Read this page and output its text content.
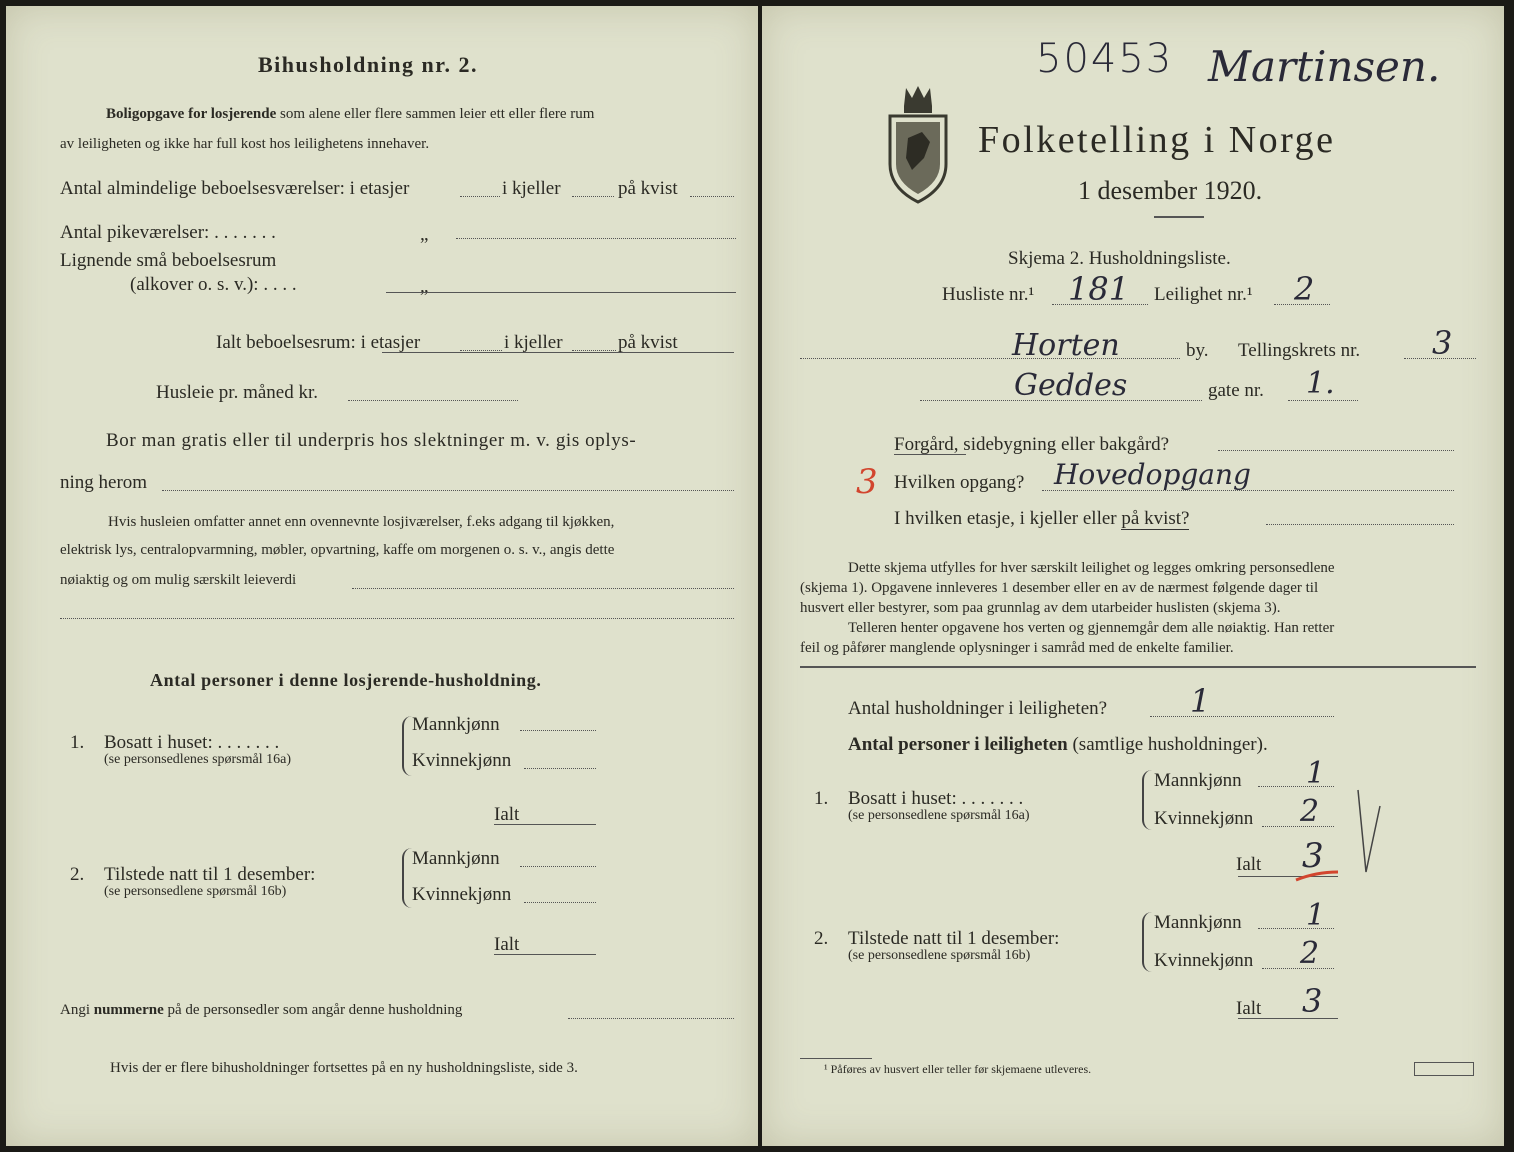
Bihusholdning nr. 2.
Boligopgave for losjerende som alene eller flere sammen leier ett eller flere rum
av leiligheten og ikke har full kost hos leilighetens innehaver.
Antal almindelige beboelsesværelser: i etasjer	i kjeller	på kvist
Antal pikeværelser: . . . . . . .	„
Lignende små beboelsesrum
(alkover o. s. v.): . . . .	„
Ialt beboelsesrum: i etasjer	i kjeller	på kvist
Husleie pr. måned kr.
Bor man gratis eller til underpris hos slektninger m. v. gis oplys-
ning herom
Hvis husleien omfatter annet enn ovennevnte losjiværelser, f.eks adgang til kjøkken,
elektrisk lys, centralopvarmning, møbler, opvartning, kaffe om morgenen o. s. v., angis dette
nøiaktig og om mulig særskilt leieverdi
Antal personer i denne losjerende-husholdning.
1. Bosatt i huset: . . . . . . .
(se personsedlenes spørsmål 16a)
Mannkjønn
Kvinnekjønn
Ialt
2. Tilstede natt til 1 desember:
(se personsedlene spørsmål 16b)
Mannkjønn
Kvinnekjønn
Ialt
Angi nummerne på de personsedler som angår denne husholdning
Hvis der er flere bihusholdninger fortsettes på en ny husholdningsliste, side 3.
50453 Martinsen.
Folketelling i Norge
1 desember 1920.
Skjema 2. Husholdningsliste.
Husliste nr.¹ 181 Leilighet nr.¹ 2
Horten	by. Tellingskrets nr. 3
Geddes	gate nr. 1.
Forgård, sidebygning eller bakgård?
3 Hvilken opgang? Hovedopgang
I hvilken etasje, i kjeller eller på kvist?
Dette skjema utfylles for hver særskilt leilighet og legges omkring personsedlene
(skjema 1). Opgavene innleveres 1 desember eller en av de nærmest følgende dager til
husvert eller bestyrer, som paa grunnlag av dem utarbeider huslisten (skjema 3).
Telleren henter opgavene hos verten og gjennemgår dem alle nøiaktig. Han retter
feil og påfører manglende oplysninger i samråd med de enkelte familier.
Antal husholdninger i leiligheten?	1
Antal personer i leiligheten (samtlige husholdninger).
1. Bosatt i huset: . . . . . . .
(se personsedlene spørsmål 16a)
Mannkjønn 1
Kvinnekjønn 2
Ialt 3
2. Tilstede natt til 1 desember:
(se personsedlene spørsmål 16b)
Mannkjønn 1
Kvinnekjønn 2
Ialt 3
¹ Påføres av husvert eller teller før skjemaene utleveres.
